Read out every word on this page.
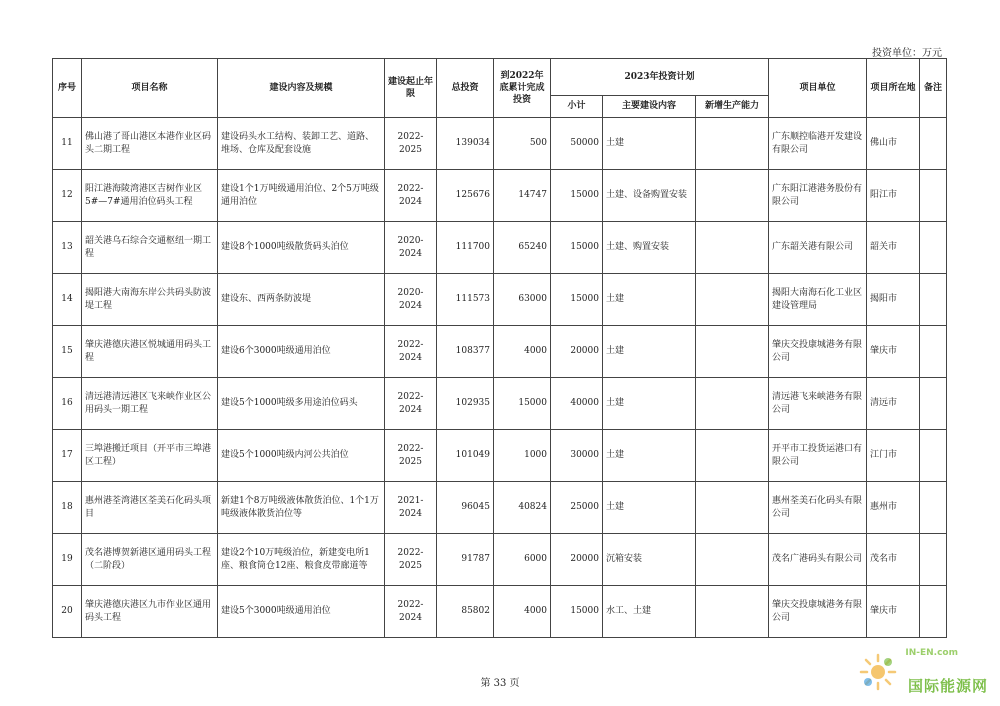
投资单位：万元
序号	项目名称	建设内容及规模	建设起止年限	总投资	到2022年底累计完成投资	2023年投资计划			项目单位	项目所在地	备注
						小计	主要建设内容	新增生产能力			
11	佛山港了哥山港区本港作业区码头二期工程	建设码头水工结构、装卸工艺、道路、堆场、仓库及配套设施	2022-2025	139034	500	50000	土建		广东顺控临港开发建设有限公司	佛山市	
12	阳江港海陵湾港区吉树作业区5#—7#通用泊位码头工程	建设1个1万吨级通用泊位、2个5万吨级通用泊位	2022-2024	125676	14747	15000	土建、设备购置安装		广东阳江港港务股份有限公司	阳江市	
13	韶关港乌石综合交通枢纽一期工程	建设8个1000吨级散货码头泊位	2020-2024	111700	65240	15000	土建、购置安装		广东韶关港有限公司	韶关市	
14	揭阳港大南海东岸公共码头防波堤工程	建设东、西两条防波堤	2020-2024	111573	63000	15000	土建		揭阳大南海石化工业区建设管理局	揭阳市	
15	肇庆港德庆港区悦城通用码头工程	建设6个3000吨级通用泊位	2022-2024	108377	4000	20000	土建		肇庆交投康城港务有限公司	肇庆市	
16	清远港清远港区飞来峡作业区公用码头一期工程	建设5个1000吨级多用途泊位码头	2022-2024	102935	15000	40000	土建		清远港飞来峡港务有限公司	清远市	
17	三埠港搬迁项目（开平市三埠港区工程）	建设5个1000吨级内河公共泊位	2022-2025	101049	1000	30000	土建		开平市工投货运港口有限公司	江门市	
18	惠州港荃湾港区荃美石化码头项目	新建1个8万吨级液体散货泊位、1个1万吨级液体散货泊位等	2021-2024	96045	40824	25000	土建		惠州荃美石化码头有限公司	惠州市	
19	茂名港博贺新港区通用码头工程（二阶段）	建设2个10万吨级泊位，新建变电所1座、粮食筒仓12座、粮食皮带廊道等	2022-2025	91787	6000	20000	沉箱安装		茂名广港码头有限公司	茂名市	
20	肇庆港德庆港区九市作业区通用码头工程	建设5个3000吨级通用泊位	2022-2024	85802	4000	15000	水工、土建		肇庆交投康城港务有限公司	肇庆市	
第 33 页
IN-EN.com
国际能源网
